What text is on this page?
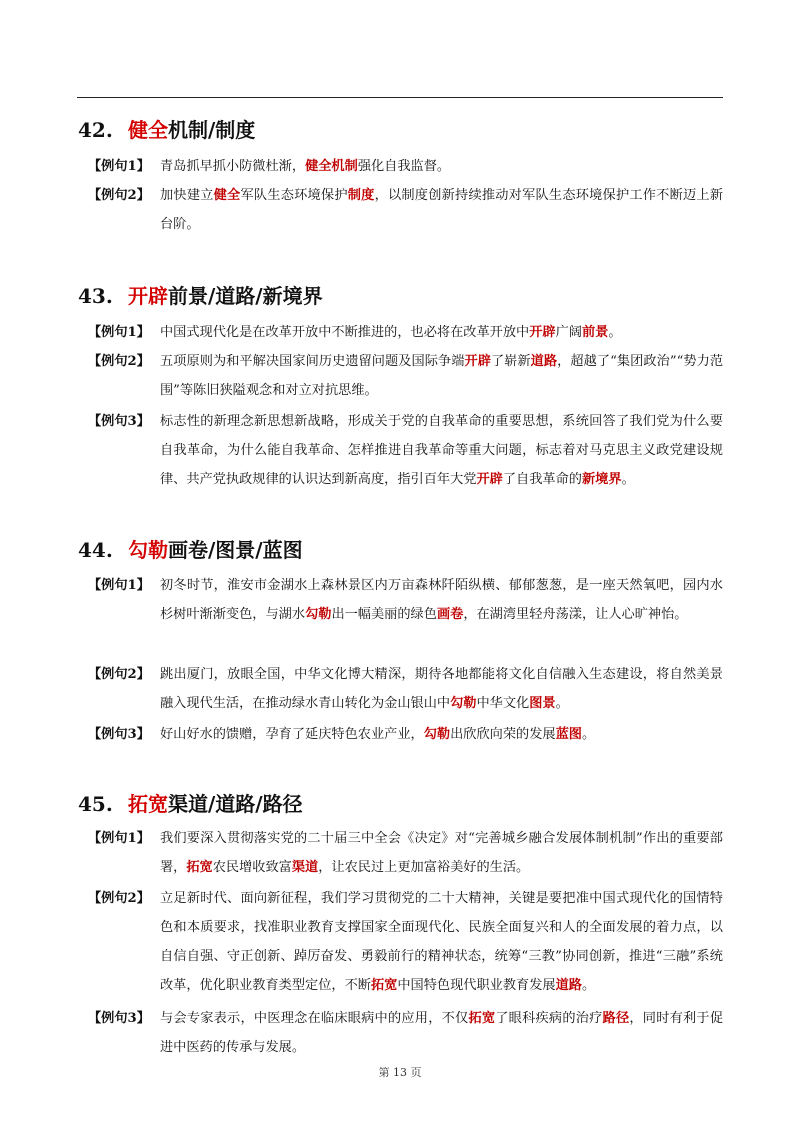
42. 健全机制/制度
【例句1】 青岛抓早抓小防微杜渐，健全机制强化自我监督。
【例句2】 加快建立健全军队生态环境保护制度，以制度创新持续推动对军队生态环境保护工作不断迈上新台阶。
43. 开辟前景/道路/新境界
【例句1】 中国式现代化是在改革开放中不断推进的，也必将在改革开放中开辟广阔前景。
【例句2】 五项原则为和平解决国家间历史遗留问题及国际争端开辟了崭新道路，超越了“集团政治”“势力范围”等陈旧狭隘观念和对立对抗思维。
【例句3】 标志性的新理念新思想新战略，形成关于党的自我革命的重要思想，系统回答了我们党为什么要自我革命，为什么能自我革命、怎样推进自我革命等重大问题，标志着对马克思主义政党建设规律、共产党执政规律的认识达到新高度，指引百年大党开辟了自我革命的新境界。
44. 勾勒画卷/图景/蓝图
【例句1】 初冬时节，淮安市金湖水上森林景区内万亩森林阡陌纵横、郁郁葱葱，是一座天然氧吧，园内水杉树叶渐渐变色，与湖水勾勒出一幅美丽的绿色画卷，在湖湾里轻舟荡漾，让人心旷神怡。
【例句2】 跳出厦门，放眼全国，中华文化博大精深，期待各地都能将文化自信融入生态建设，将自然美景融入现代生活，在推动绿水青山转化为金山银山中勾勒中华文化图景。
【例句3】 好山好水的馈赠，孕育了延庆特色农业产业，勾勒出欣欣向荣的发展蓝图。
45. 拓宽渠道/道路/路径
【例句1】 我们要深入贯彻落实党的二十届三中全会《决定》对“完善城乡融合发展体制机制”作出的重要部署，拓宽农民增收致富渠道，让农民过上更加富裕美好的生活。
【例句2】 立足新时代、面向新征程，我们学习贯彻党的二十大精神，关键是要把准中国式现代化的国情特色和本质要求，找准职业教育支撑国家全面现代化、民族全面复兴和人的全面发展的着力点，以自信自强、守正创新、踔厉奋发、勇毅前行的精神状态，统筹“三教”协同创新，推进“三融”系统改革，优化职业教育类型定位，不断拓宽中国特色现代职业教育发展道路。
【例句3】 与会专家表示，中医理念在临床眼病中的应用，不仅拓宽了眼科疾病的治疗路径，同时有利于促进中医药的传承与发展。
第 13 页
